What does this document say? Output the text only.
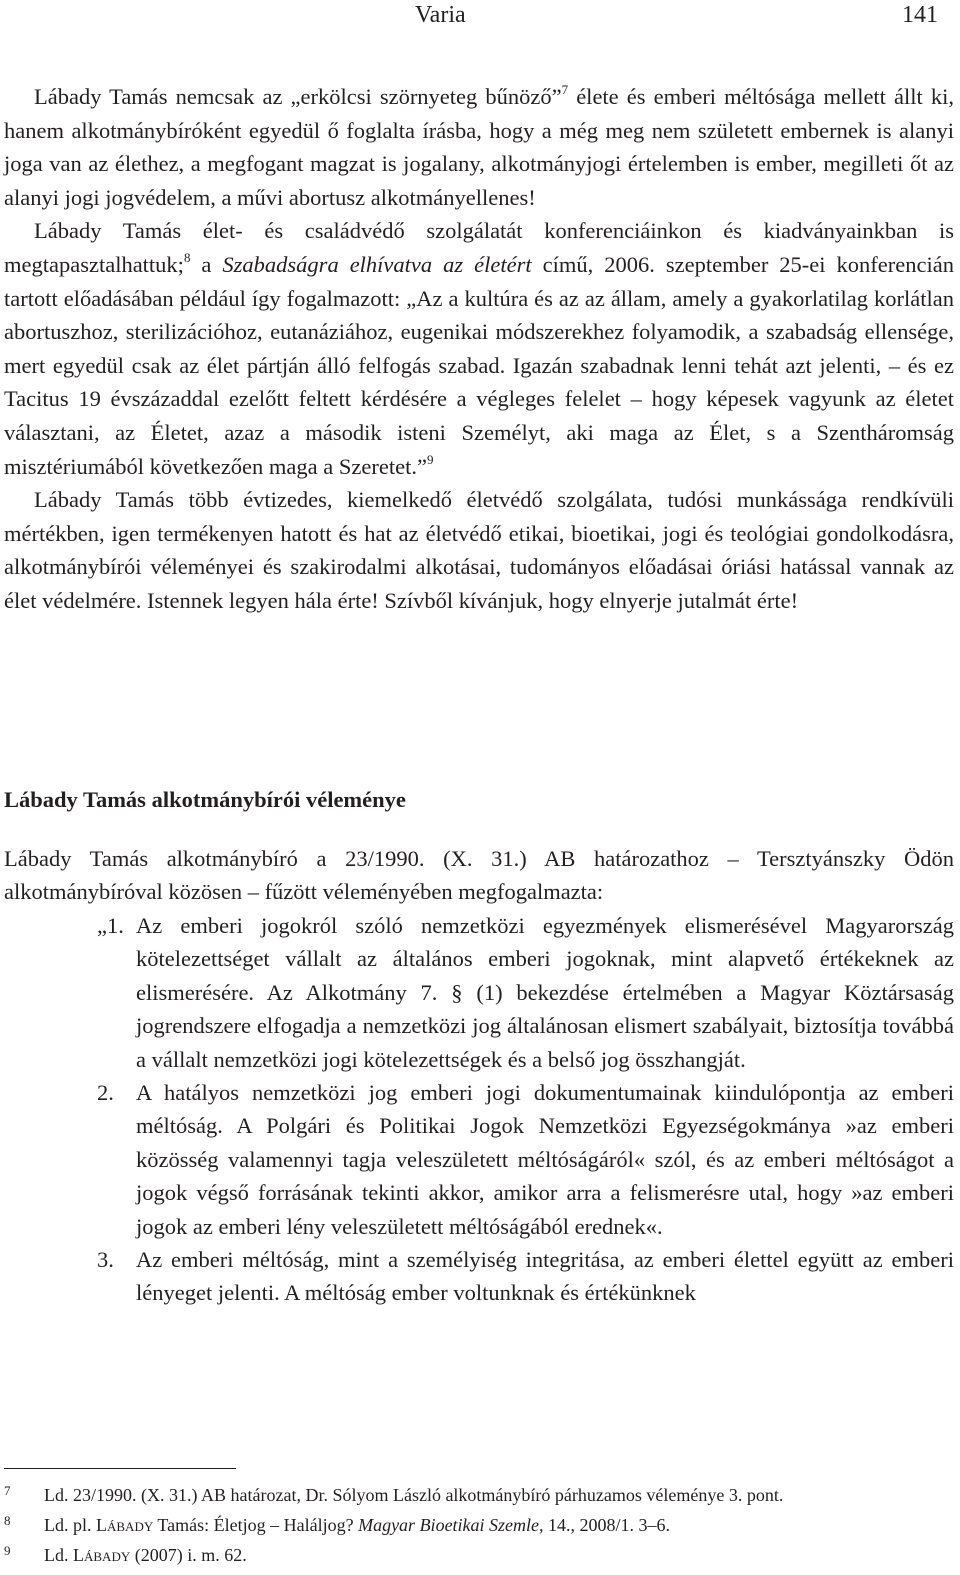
Varia	141

Lábady Tamás nemcsak az „erkölcsi szörnyeteg bűnöző”$^7$ élete és emberi méltósága mellett állt ki, hanem alkotmánybíróként egyedül ő foglalta írásba, hogy a még meg nem született embernek is alanyi joga van az élethez, a megfogant magzat is jogalany, alkotmányjogi értelemben is ember, megilleti őt az alanyi jogi jogvédelem, a művi abortusz alkotmányellenes!

Lábady Tamás élet- és családvédő szolgálatát konferenciáinkon és kiadványainkban is megtapasztalhattuk;$^8$ a Szabadságra elhívatva az életért című, 2006. szeptember 25-ei konferencián tartott előadásában például így fogalmazott: „Az a kultúra és az az állam, amely a gyakorlatilag korlátlan abortuszhoz, sterilizációhoz, eutanáziához, eugenikai módszerekhez folyamodik, a szabadság ellensége, mert egyedül csak az élet pártján álló felfogás szabad. Igazán szabadnak lenni tehát azt jelenti, – és ez Tacitus 19 évszázaddal ezelőtt feltett kérdésére a végleges felelet – hogy képesek vagyunk az életet választani, az Életet, azaz a második isteni Személyt, aki maga az Élet, s a Szentháromság misztériumából következően maga a Szeretet.”$^9$

Lábady Tamás több évtizedes, kiemelkedő életvédő szolgálata, tudósi munkássága rendkívüli mértékben, igen termékenyen hatott és hat az életvédő etikai, bioetikai, jogi és teológiai gondolkodásra, alkotmánybírói véleményei és szakirodalmi alkotásai, tudományos előadásai óriási hatással vannak az élet védelmére. Istennek legyen hála érte! Szívből kívánjuk, hogy elnyerje jutalmát érte!

Lábady Tamás alkotmánybírói véleménye

Lábady Tamás alkotmánybíró a 23/1990. (X. 31.) AB határozathoz – Tersztyánszky Ödön alkotmánybíróval közösen – fűzött véleményében megfogalmazta:

„1. Az emberi jogokról szóló nemzetközi egyezmények elismerésével Magyarország kötelezettséget vállalt az általános emberi jogoknak, mint alapvető értékeknek az elismerésére. Az Alkotmány 7. § (1) bekezdése értelmében a Magyar Köztársaság jogrendszere elfogadja a nemzetközi jog általánosan elismert szabályait, biztosítja továbbá a vállalt nemzetközi jogi kötelezettségek és a belső jog összhangját.
2. A hatályos nemzetközi jog emberi jogi dokumentumainak kiindulópontja az emberi méltóság. A Polgári és Politikai Jogok Nemzetközi Egyezségokmánya »az emberi közösség valamennyi tagja veleszületett méltóságáról« szól, és az emberi méltóságot a jogok végső forrásának tekinti akkor, amikor arra a felismerésre utal, hogy »az emberi jogok az emberi lény veleszületett méltóságából erednek«.
3. Az emberi méltóság, mint a személyiség integritása, az emberi élettel együtt az emberi lényeget jelenti. A méltóság ember voltunknak és értékünknek
7 Ld. 23/1990. (X. 31.) AB határozat, Dr. Sólyom László alkotmánybíró párhuzamos véleménye 3. pont.
8 Ld. pl. Lábady Tamás: Életjog – Haláljog? Magyar Bioetikai Szemle, 14., 2008/1. 3–6.
9 Ld. Lábady (2007) i. m. 62.
